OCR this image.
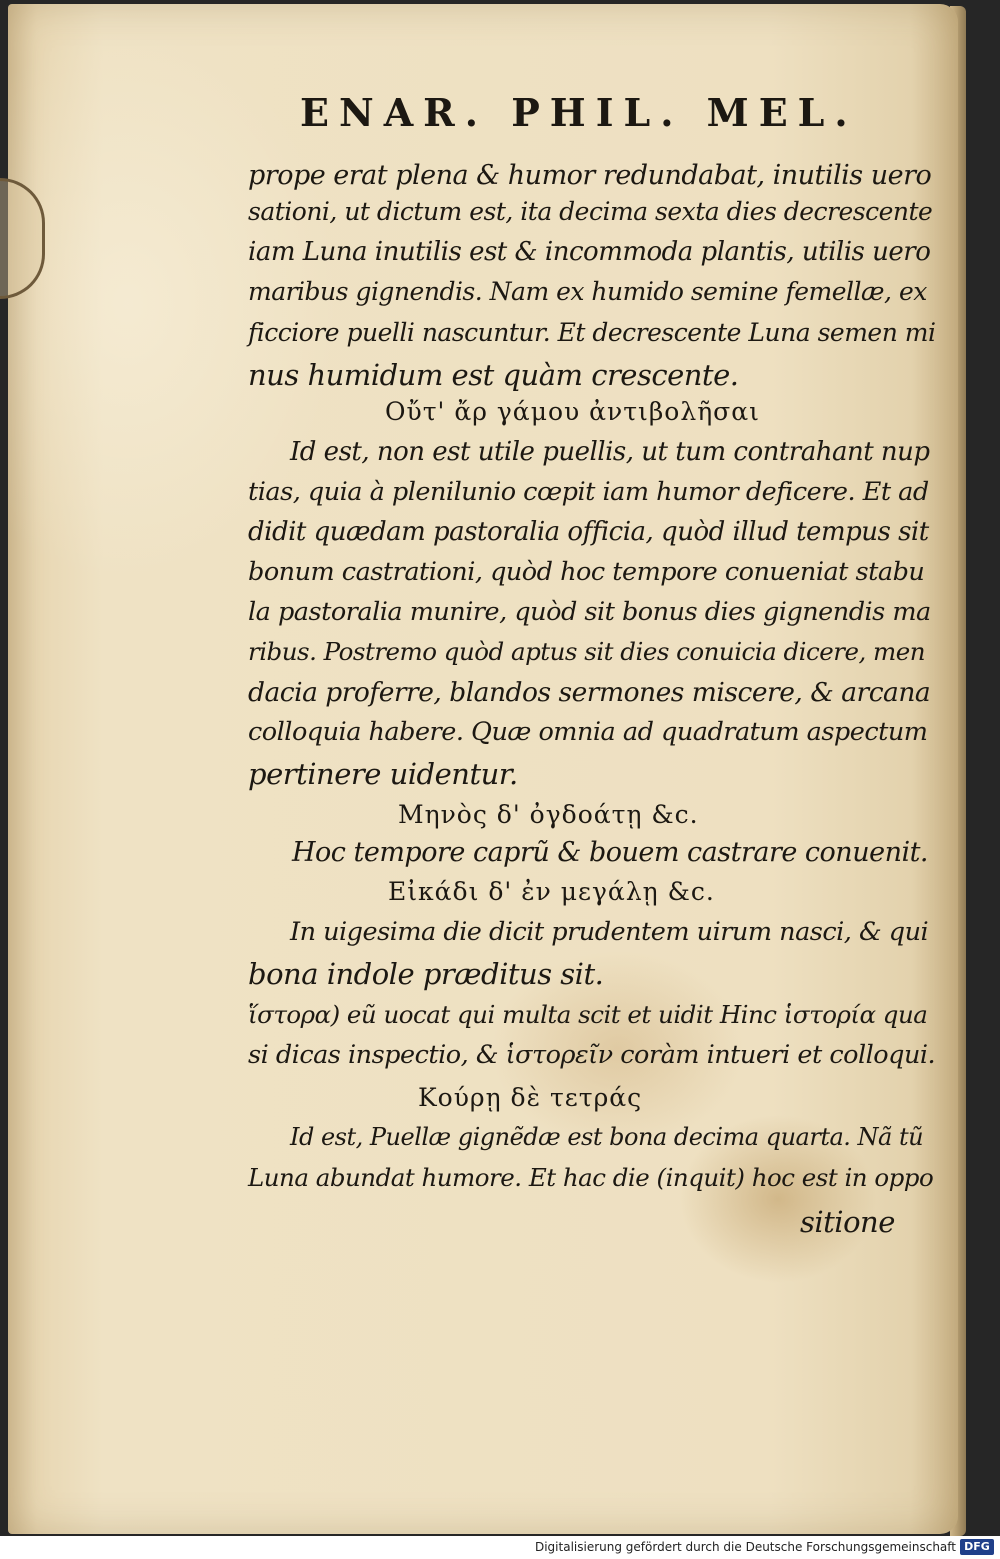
ENAR. PHIL. MEL.
prope erat plena & humor redundabat, inutilis uero
sationi, ut dictum est, ita decima sexta dies decrescente
iam Luna inutilis est & incommoda plantis, utilis uero
maribus gignendis. Nam ex humido semine femellæ, ex
ficciore puelli nascuntur. Et decrescente Luna semen mi
nus humidum est quàm crescente.
Οὔτ' ἄρ γάμου ἀντιβολῆσαι
Id est, non est utile puellis, ut tum contrahant nup
tias, quia à plenilunio cœpit iam humor deficere. Et ad
didit quædam pastoralia officia, quòd illud tempus sit
bonum castrationi, quòd hoc tempore conueniat stabu
la pastoralia munire, quòd sit bonus dies gignendis ma
ribus. Postremo quòd aptus sit dies conuicia dicere, men
dacia proferre, blandos sermones miscere, & arcana
colloquia habere. Quæ omnia ad quadratum aspectum
pertinere uidentur.
Μηνὸς δ' ὀγδοάτῃ &c.
Hoc tempore caprũ & bouem castrare conuenit.
Εἰκάδι δ' ἐν μεγάλῃ &c.
In uigesima die dicit prudentem uirum nasci, & qui
bona indole præditus sit.
ἵστορα) eũ uocat qui multa scit et uidit Hinc ἱστορία qua
si dicas inspectio, & ἱστορεῖν coràm intueri et colloqui.
Κούρῃ δὲ τετράς
Id est, Puellæ gignẽdæ est bona decima quarta. Nã tũ
Luna abundat humore. Et hac die (inquit) hoc est in oppo
sitione
Digitalisierung gefördert durch die Deutsche Forschungsgemeinschaft DFG
